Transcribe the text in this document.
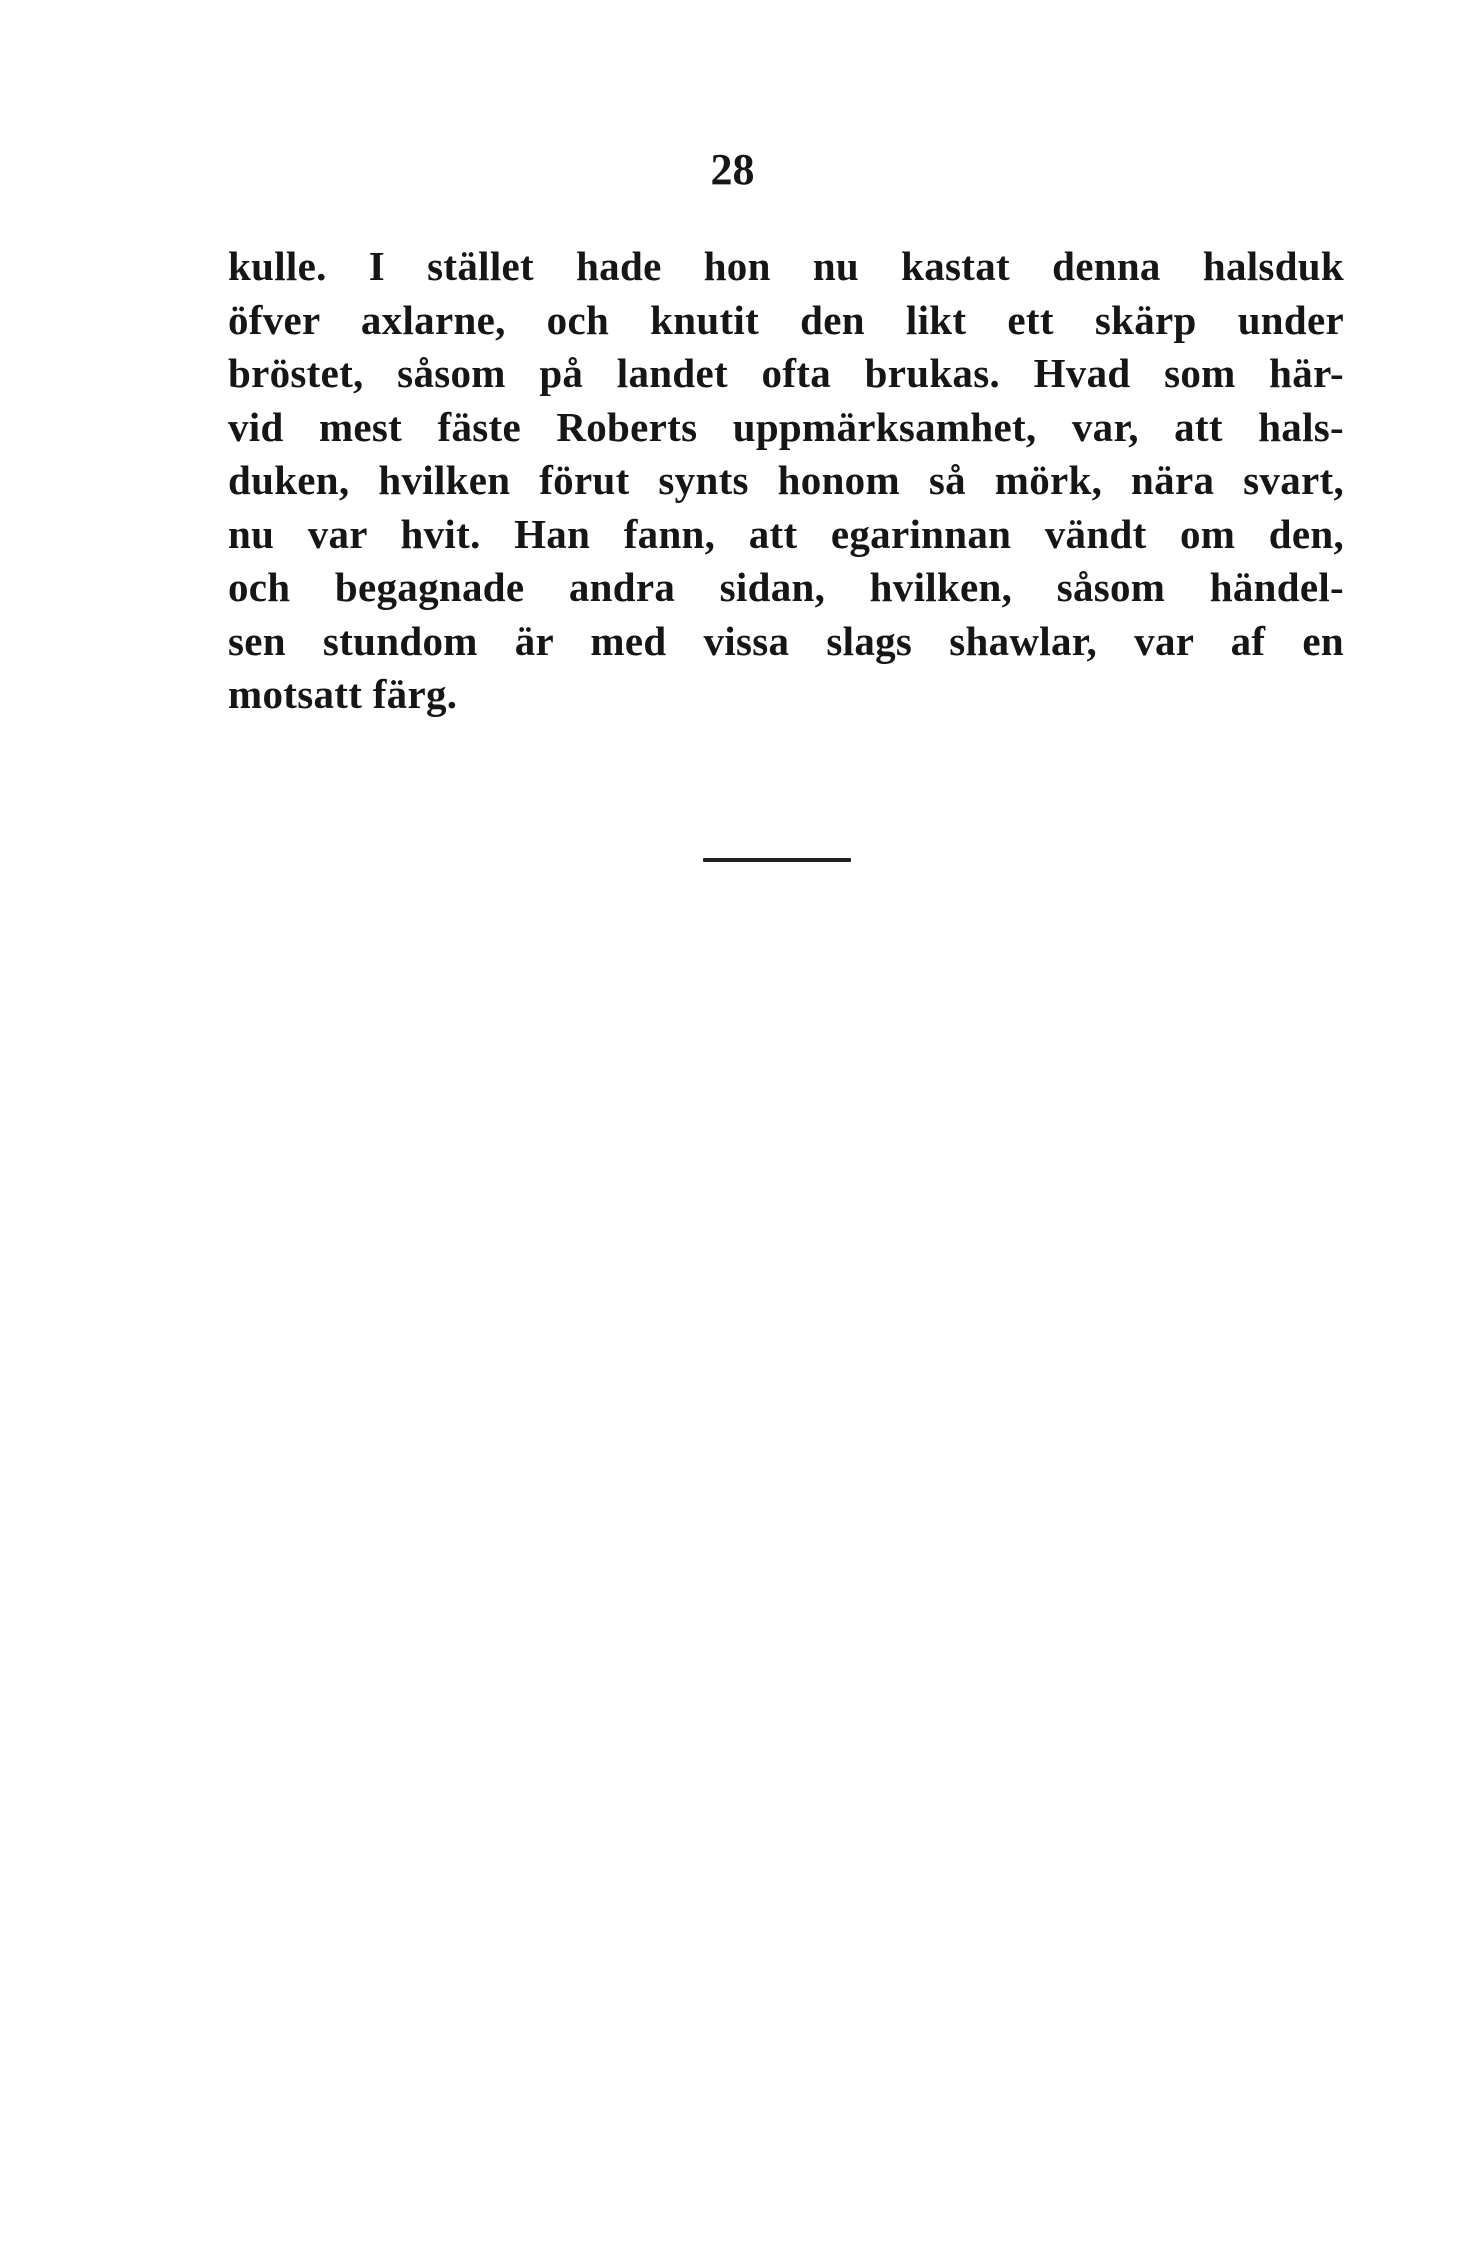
28

kulle. I stället hade hon nu kastat denna halsduk
öfver axlarne, och knutit den likt ett skärp under
bröstet, såsom på landet ofta brukas. Hvad som här-
vid mest fäste Roberts uppmärksamhet, var, att hals-
duken, hvilken förut synts honom så mörk, nära svart,
nu var hvit. Han fann, att egarinnan vändt om den,
och begagnade andra sidan, hvilken, såsom händel-
sen stundom är med vissa slags shawlar, var af en
motsatt färg.
